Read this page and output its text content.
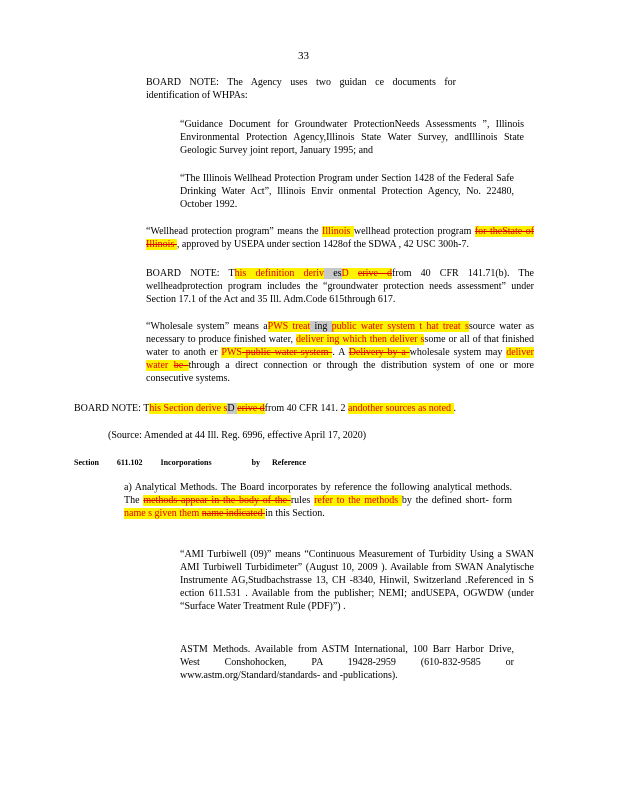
33
BOARD NOTE: The Agency uses two guidan ce documents for identification of WHPAs:
“Guidance Document for Groundwater ProtectionNeeds Assessments ”, Illinois Environmental Protection Agency,Illinois State Water Survey, andIllinois State Geologic Survey joint report, January 1995; and
“The Illinois Wellhead Protection Program under Section 1428 of the Federal Safe Drinking Water Act”, Illinois Envir onmental Protection Agency, No. 22480, October 1992.
“Wellhead protection program” means the Illinois wellhead protection program for theState of Illinois , approved by USEPA under section 1428of the SDWA , 42 USC 300h-7.
BOARD NOTE: This definition deriv esD erive dfrom 40 CFR 141.71(b). The wellheadprotection program includes the “groundwater protection needs assessment” under Section 17.1 of the Act and 35 Ill. Adm.Code 615through 617.
“Wholesale system” means aPWS treat ing public water system t hat treat ssource water as necessary to produce finished water, deliver ing which then deliver ssome or all of that finished water to anoth er PWS public water system . A Delivery by a wholesale system may deliver water be through a direct connection or through the distribution system of one or more consecutive systems.
BOARD NOTE: This Section derive sD erive dfrom 40 CFR 141. 2 andother sources as noted .
(Source: Amended at 44 Ill. Reg. 6996, effective April 17, 2020)
Section 611.102 Incorporations	by Reference
a) Analytical Methods. The Board incorporates by reference the following analytical methods. The methods appear in the body of the rules refer to the methods by the defined short- form name s given them name indicated in this Section.
“AMI Turbiwell (09)” means “Continuous Measurement of Turbidity Using a SWAN AMI Turbiwell Turbidimeter” (August 10, 2009 ). Available from SWAN Analytische Instrumente AG,Studbachstrasse 13, CH -8340, Hinwil, Switzerland .Referenced in S ection 611.531 . Available from the publisher; NEMI; andUSEPA, OGWDW (under “Surface Water Treatment Rule (PDF)”) .
ASTM Methods. Available from ASTM International, 100 Barr Harbor Drive, West Conshohocken, PA 19428-2959 (610-832-9585 or www.astm.org/Standard/standards- and -publications).
